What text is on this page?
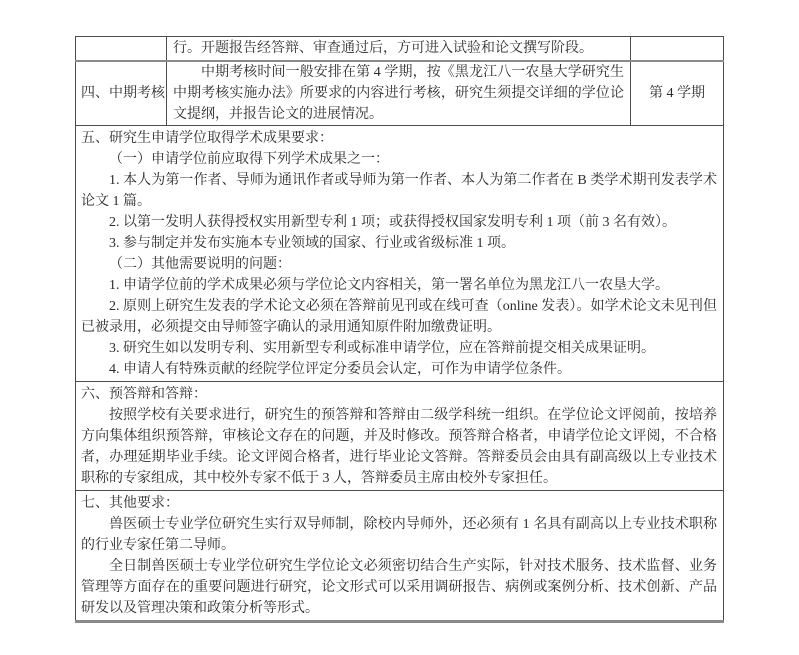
	行。开题报告经答辩、审查通过后，方可进入试验和论文撰写阶段。	

四、中期考核	中期考核时间一般安排在第 4 学期，按《黑龙江八一农垦大学研究生中期考核实施办法》所要求的内容进行考核，研究生须提交详细的学位论文提纲，并报告论文的进展情况。	第 4 学期

五、研究生申请学位取得学术成果要求：

（一）申请学位前应取得下列学术成果之一：

1. 本人为第一作者、导师为通讯作者或导师为第一作者、本人为第二作者在 B 类学术期刊发表学术论文 1 篇。

2. 以第一发明人获得授权实用新型专利 1 项；或获得授权国家发明专利 1 项（前 3 名有效）。

3. 参与制定并发布实施本专业领域的国家、行业或省级标准 1 项。

（二）其他需要说明的问题：

1. 申请学位前的学术成果必须与学位论文内容相关，第一署名单位为黑龙江八一农垦大学。

2. 原则上研究生发表的学术论文必须在答辩前见刊或在线可查（online 发表）。如学术论文未见刊但已被录用，必须提交由导师签字确认的录用通知原件附加缴费证明。

3. 研究生如以发明专利、实用新型专利或标准申请学位，应在答辩前提交相关成果证明。

4. 申请人有特殊贡献的经院学位评定分委员会认定，可作为申请学位条件。

六、预答辩和答辩：

按照学校有关要求进行，研究生的预答辩和答辩由二级学科统一组织。在学位论文评阅前，按培养方向集体组织预答辩，审核论文存在的问题，并及时修改。预答辩合格者，申请学位论文评阅，不合格者，办理延期毕业手续。论文评阅合格者，进行毕业论文答辩。答辩委员会由具有副高级以上专业技术职称的专家组成，其中校外专家不低于 3 人，答辩委员主席由校外专家担任。		

七、其他要求：

兽医硕士专业学位研究生实行双导师制，除校内导师外，还必须有 1 名具有副高以上专业技术职称的行业专家任第二导师。

全日制兽医硕士专业学位研究生学位论文必须密切结合生产实际，针对技术服务、技术监督、业务管理等方面存在的重要问题进行研究，论文形式可以采用调研报告、病例或案例分析、技术创新、产品研发以及管理决策和政策分析等形式。		
